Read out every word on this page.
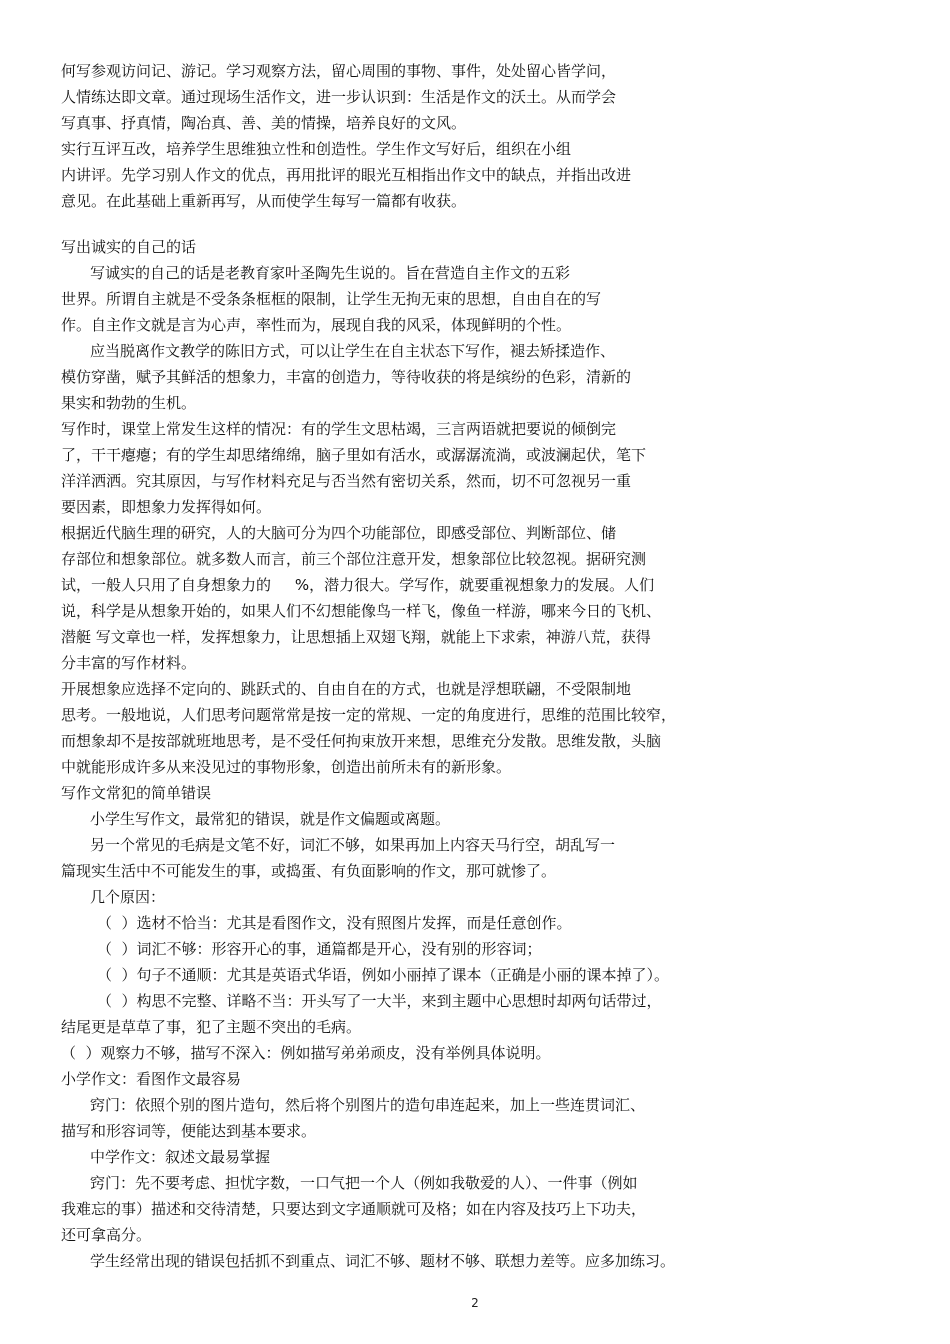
何写参观访问记、游记。学习观察方法，留心周围的事物、事件，处处留心皆学问，
人情练达即文章。通过现场生活作文，进一步认识到：生活是作文的沃土。从而学会
写真事、抒真情，陶冶真、善、美的情操，培养良好的文风。
实行互评互改，培养学生思维独立性和创造性。学生作文写好后，组织在小组
内讲评。先学习别人作文的优点，再用批评的眼光互相指出作文中的缺点，并指出改进
意见。在此基础上重新再写，从而使学生每写一篇都有收获。
写出诚实的自己的话
写诚实的自己的话是老教育家叶圣陶先生说的。旨在营造自主作文的五彩
世界。所谓自主就是不受条条框框的限制，让学生无拘无束的思想，自由自在的写
作。自主作文就是言为心声，率性而为，展现自我的风采，体现鲜明的个性。
应当脱离作文教学的陈旧方式，可以让学生在自主状态下写作，褪去矫揉造作、
模仿穿凿，赋予其鲜活的想象力，丰富的创造力，等待收获的将是缤纷的色彩，清新的
果实和勃勃的生机。
写作时，课堂上常发生这样的情况：有的学生文思枯竭，三言两语就把要说的倾倒完
了，干干瘪瘪；有的学生却思绪绵绵，脑子里如有活水，或潺潺流淌，或波澜起伏，笔下
洋洋洒洒。究其原因，与写作材料充足与否当然有密切关系，然而，切不可忽视另一重
要因素，即想象力发挥得如何。
根据近代脑生理的研究，人的大脑可分为四个功能部位，即感受部位、判断部位、储
存部位和想象部位。就多数人而言，前三个部位注意开发，想象部位比较忽视。据研究测
试，一般人只用了自身想象力的     %，潜力很大。学写作，就要重视想象力的发展。人们
说，科学是从想象开始的，如果人们不幻想能像鸟一样飞，像鱼一样游，哪来今日的飞机、
潜艇 写文章也一样，发挥想象力，让思想插上双翅飞翔，就能上下求索，神游八荒，获得
分丰富的写作材料。
开展想象应选择不定向的、跳跃式的、自由自在的方式，也就是浮想联翩，不受限制地
思考。一般地说，人们思考问题常常是按一定的常规、一定的角度进行，思维的范围比较窄，
而想象却不是按部就班地思考，是不受任何拘束放开来想，思维充分发散。思维发散，头脑
中就能形成许多从来没见过的事物形象，创造出前所未有的新形象。
写作文常犯的简单错误
小学生写作文，最常犯的错误，就是作文偏题或离题。
另一个常见的毛病是文笔不好，词汇不够，如果再加上内容天马行空，胡乱写一
篇现实生活中不可能发生的事，或捣蛋、有负面影响的作文，那可就惨了。
几个原因：
（  ）选材不恰当：尤其是看图作文，没有照图片发挥，而是任意创作。
（  ）词汇不够：形容开心的事，通篇都是开心，没有别的形容词；
（  ）句子不通顺：尤其是英语式华语，例如小丽掉了课本（正确是小丽的课本掉了）。
（  ）构思不完整、详略不当：开头写了一大半，来到主题中心思想时却两句话带过，
结尾更是草草了事，犯了主题不突出的毛病。
（  ）观察力不够，描写不深入：例如描写弟弟顽皮，没有举例具体说明。
小学作文：看图作文最容易
窍门：依照个别的图片造句，然后将个别图片的造句串连起来，加上一些连贯词汇、
描写和形容词等，便能达到基本要求。
中学作文：叙述文最易掌握
窍门：先不要考虑、担忧字数，一口气把一个人（例如我敬爱的人）、一件事（例如
我难忘的事）描述和交待清楚，只要达到文字通顺就可及格；如在内容及技巧上下功夫，
还可拿高分。
学生经常出现的错误包括抓不到重点、词汇不够、题材不够、联想力差等。应多加练习。
2
